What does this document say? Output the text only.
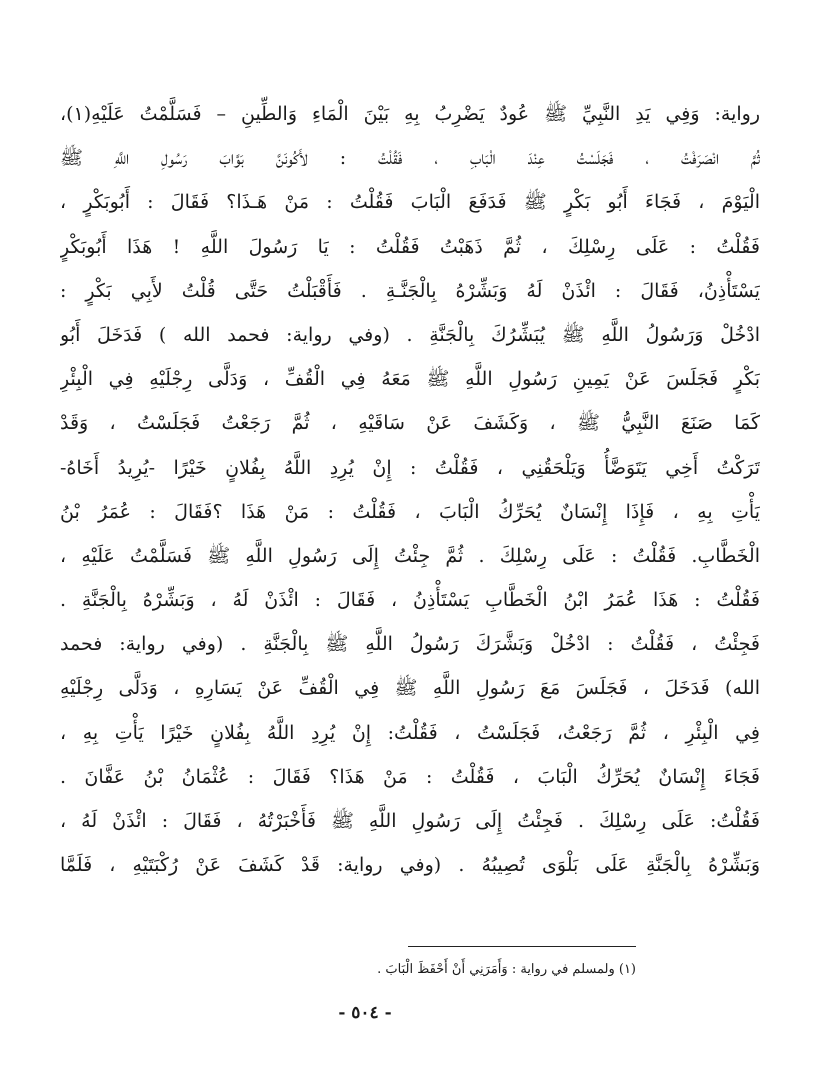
رواية: وَفِي يَدِ النَّبِيِّ ﷺ عُودٌ يَضْرِبُ بِهِ بَيْنَ الْمَاءِ وَالطِّينِ – فَسَلَّمْتُ عَلَيْهِ(١)،
ثُمَّ انْصَرَفْتُ ، فَجَلَسْتُ عِنْدَ الْبَابِ ، فَقُلْتُ : لأَكُونَنَّ بَوَّابَ رَسُولِ اللَّهِ ﷺ
الْيَوْمَ ، فَجَاءَ أَبُو بَكْرٍ ﷺ فَدَفَعَ الْبَابَ فَقُلْتُ : مَنْ هَـذَا؟ فَقَالَ : أَبُوبَكْرٍ ،
فَقُلْتُ : عَلَى رِسْلِكَ ، ثُمَّ ذَهَبْتُ فَقُلْتُ : يَا رَسُولَ اللَّهِ ! هَذَا أَبُوبَكْرٍ
يَسْتَأْذِنُ، فَقَالَ : ائْذَنْ لَهُ وَبَشِّرْهُ بِالْجَنَّـةِ . فَأَقْبَلْتُ حَتَّى قُلْتُ لأَبِي بَكْرٍ :
ادْخُلْ وَرَسُولُ اللَّهِ ﷺ يُبَشِّرُكَ بِالْجَنَّةِ . (وفي رواية: فحمد الله ) فَدَخَلَ أَبُو
بَكْرٍ فَجَلَسَ عَنْ يَمِينِ رَسُولِ اللَّهِ ﷺ مَعَهُ فِي الْقُفِّ ، وَدَلَّى رِجْلَيْهِ فِي الْبِئْرِ
كَمَا صَنَعَ النَّبِيُّ ﷺ ، وَكَشَفَ عَنْ سَاقَيْهِ ، ثُمَّ رَجَعْتُ فَجَلَسْتُ ، وَقَدْ
تَرَكْتُ أَخِي يَتَوَضَّأُ وَيَلْحَقُنِي ، فَقُلْتُ : إِنْ يُرِدِ اللَّهُ بِفُلانٍ خَيْرًا -يُرِيدُ أَخَاهُ-
يَأْتِ بِهِ ، فَإِذَا إِنْسَانٌ يُحَرِّكُ الْبَابَ ، فَقُلْتُ : مَنْ هَذَا ؟فَقَالَ : عُمَرُ بْنُ
الْخَطَّابِ. فَقُلْتُ : عَلَى رِسْلِكَ . ثُمَّ جِئْتُ إِلَى رَسُولِ اللَّهِ ﷺ فَسَلَّمْتُ عَلَيْهِ ،
فَقُلْتُ : هَذَا عُمَرُ ابْنُ الْخَطَّابِ يَسْتَأْذِنُ ، فَقَالَ : ائْذَنْ لَهُ ، وَبَشِّرْهُ بِالْجَنَّةِ .
فَجِئْتُ ، فَقُلْتُ : ادْخُلْ وَبَشَّرَكَ رَسُولُ اللَّهِ ﷺ بِالْجَنَّةِ . (وفي رواية: فحمد
الله) فَدَخَلَ ، فَجَلَسَ مَعَ رَسُولِ اللَّهِ ﷺ فِي الْقُفِّ عَنْ يَسَارِهِ ، وَدَلَّى رِجْلَيْهِ
فِي الْبِئْرِ ، ثُمَّ رَجَعْتُ، فَجَلَسْتُ ، فَقُلْتُ: إِنْ يُرِدِ اللَّهُ بِفُلانٍ خَيْرًا يَأْتِ بِهِ ،
فَجَاءَ إِنْسَانٌ يُحَرِّكُ الْبَابَ ، فَقُلْتُ : مَنْ هَذَا؟ فَقَالَ : عُثْمَانُ بْنُ عَفَّانَ .
فَقُلْتُ: عَلَى رِسْلِكَ . فَجِئْتُ إِلَى رَسُولِ اللَّهِ ﷺ فَأَخْبَرْتُهُ ، فَقَالَ : ائْذَنْ لَهُ ،
وَبَشِّرْهُ بِالْجَنَّةِ عَلَى بَلْوَى تُصِيبُهُ . (وفي رواية: قَدْ كَشَفَ عَنْ رُكْبَتَيْهِ ، فَلَمَّا
(١) ولمسلم في رواية : وَأَمَرَنِي أَنْ أَحْفَظَ الْبَابَ .
- ٥٠٤ -
